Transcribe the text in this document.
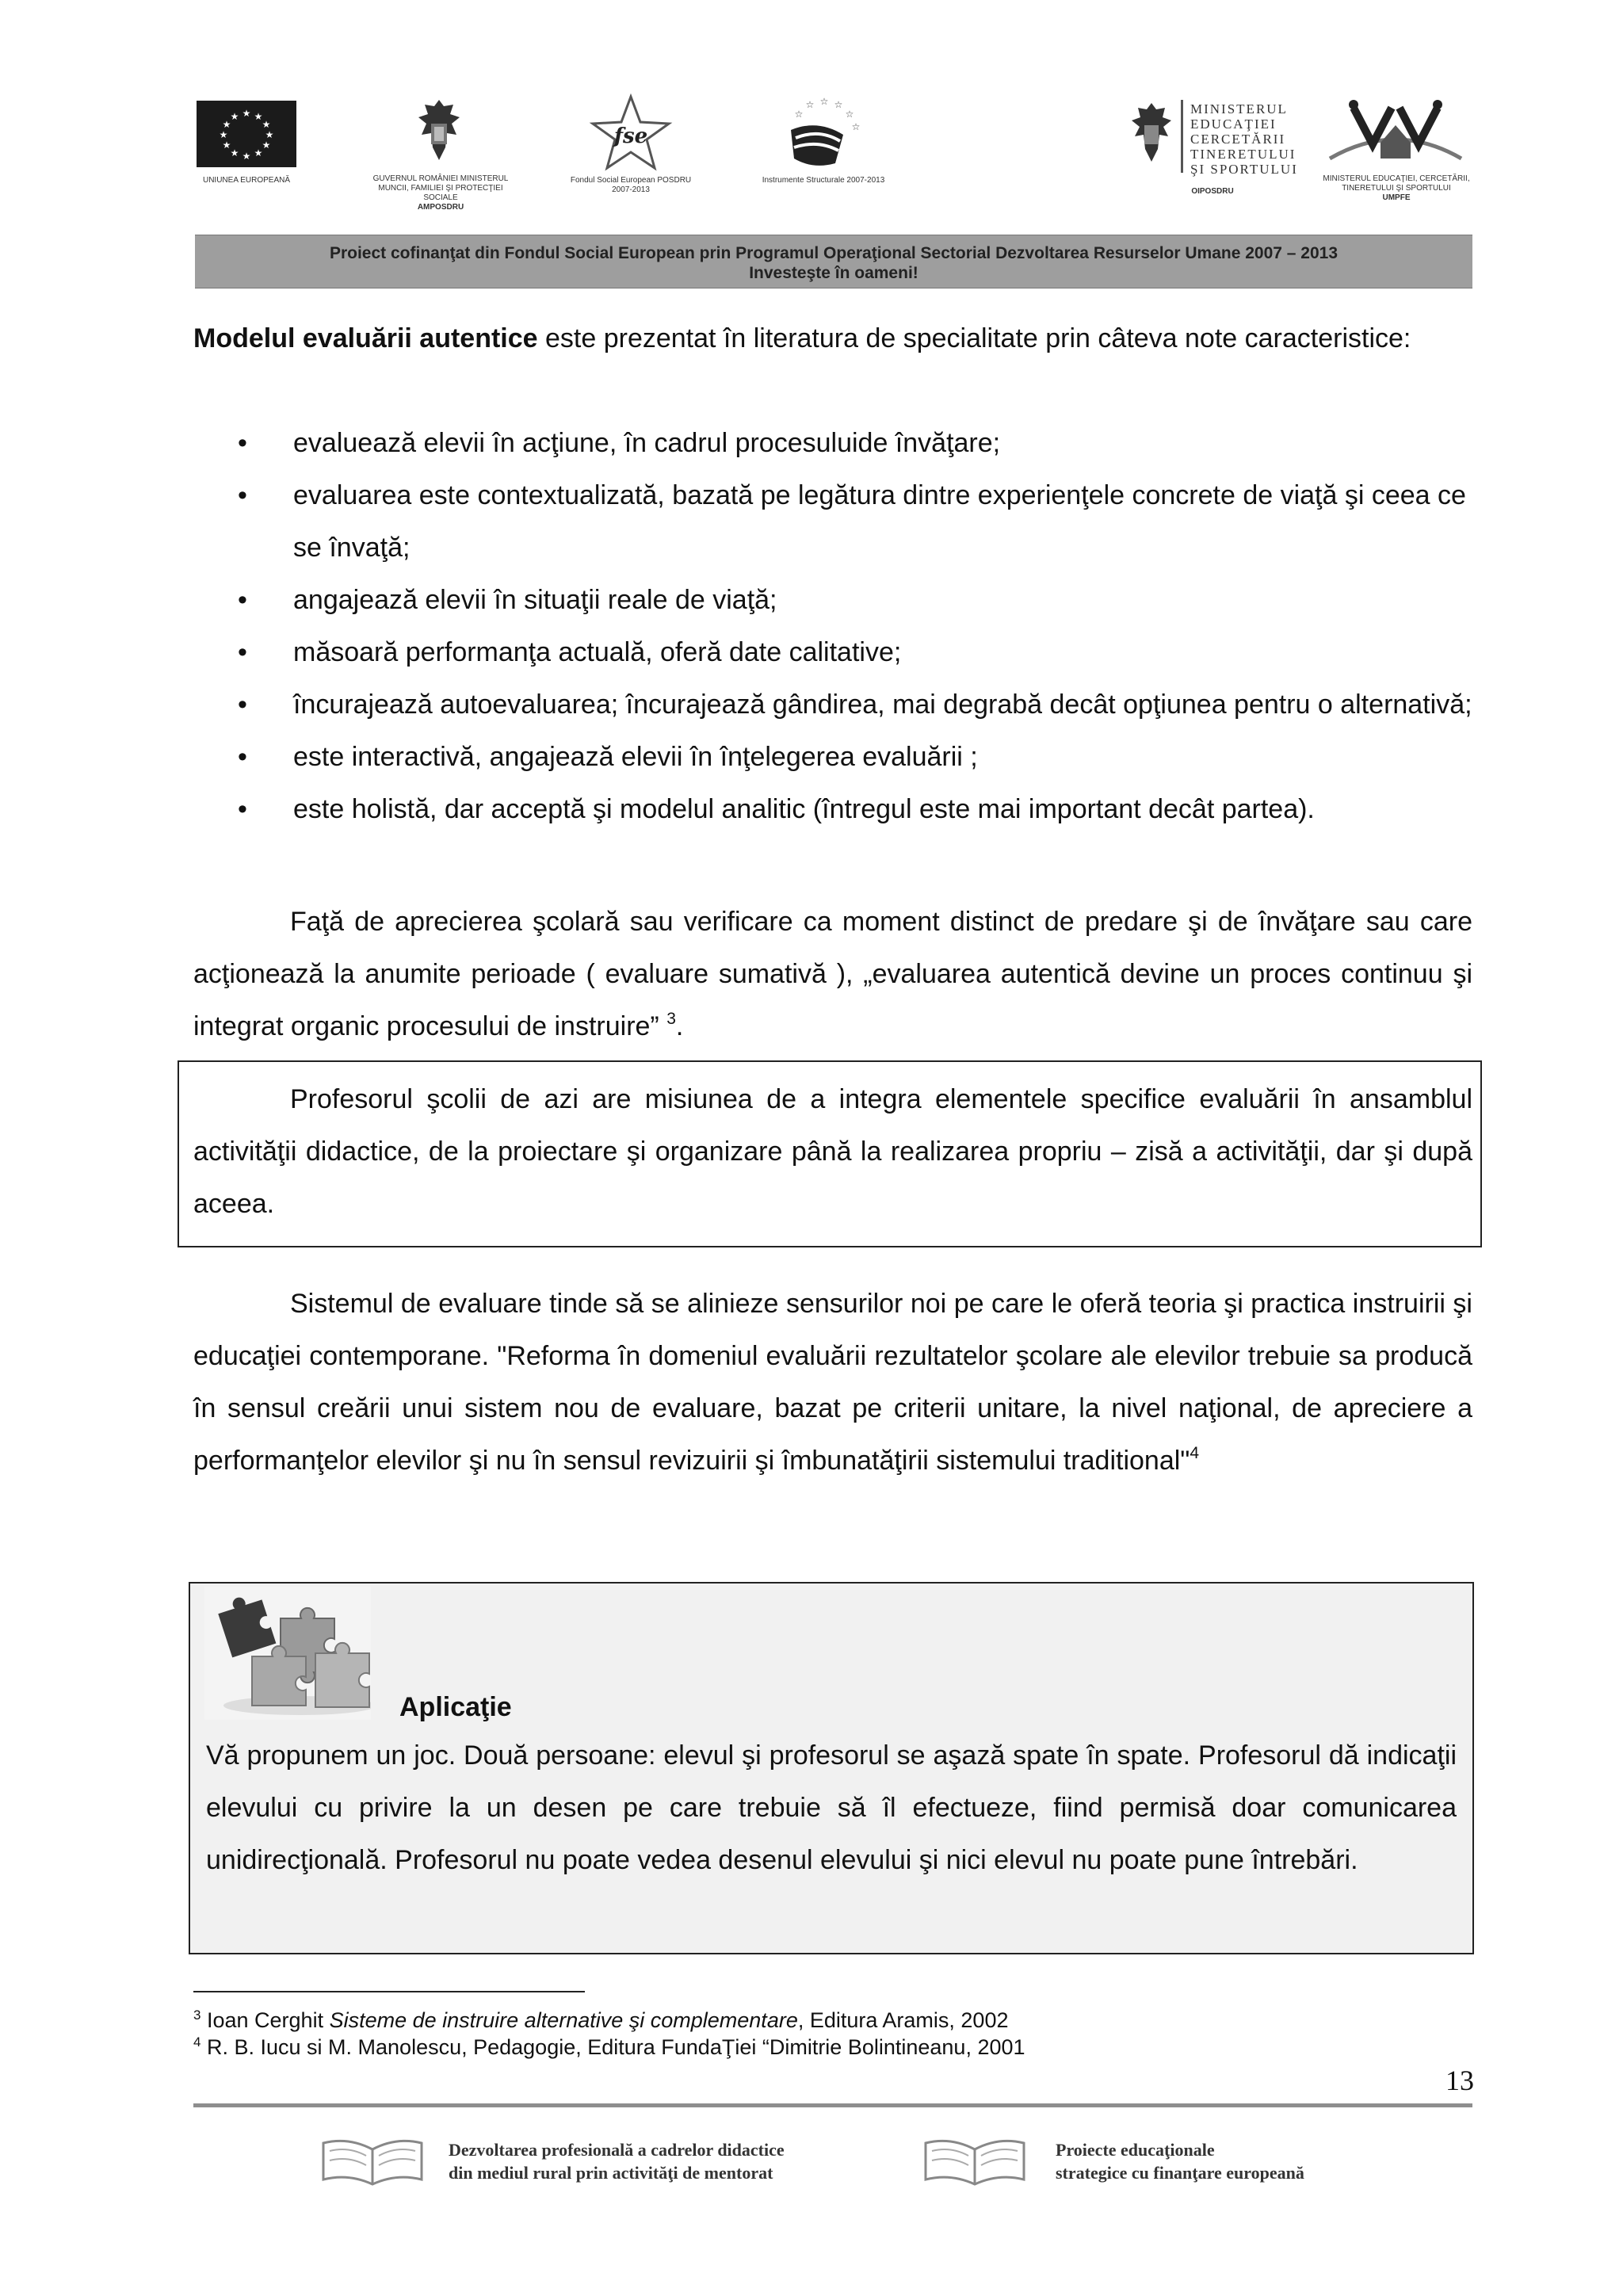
★ ★
★
★
★
★
★
★
★
★
★
★
UNIUNEA EUROPEANĂ	GUVERNUL ROMÂNIEI MINISTERUL MUNCII, FAMILIEI ŞI PROTECŢIEI SOCIALE
AMPOSDRU
fse
Fondul Social European POSDRU 2007-2013
☆ ☆ ☆
☆
☆
☆
Instrumente Structurale 2007-2013
MINISTERUL
EDUCAŢIEI
CERCETĂRII
TINERETULUI
ŞI SPORTULUI
OIPOSDRU
MINISTERUL EDUCAŢIEI, CERCETĂRII, TINERETULUI ŞI SPORTULUI
UMPFE
Proiect cofinanţat din Fondul Social European prin Programul Operaţional Sectorial Dezvoltarea Resurselor Umane 2007 – 2013
Investeşte în oameni!
Modelul evaluării autentice este prezentat în literatura de specialitate prin câteva note caracteristice:
• evaluează elevii în acţiune, în cadrul procesuluide învăţare;
• evaluarea este contextualizată, bazată pe legătura dintre experienţele concrete de viaţă şi ceea ce se învaţă;
• angajează elevii în situaţii reale de viaţă;
• măsoară performanţa actuală, oferă date calitative;
• încurajează autoevaluarea; încurajează gândirea, mai degrabă decât opţiunea pentru o alternativă;
• este interactivă, angajează elevii în înţelegerea evaluării ;
• este holistă, dar acceptă şi modelul analitic (întregul este mai important decât partea).
Faţă de aprecierea şcolară sau verificare ca moment distinct de predare şi de învăţare sau care acţionează la anumite perioade ( evaluare sumativă ), „evaluarea autentică devine un proces continuu şi integrat organic procesului de instruire” $^3$.
Profesorul şcolii de azi are misiunea de a integra elementele specifice evaluării în ansamblul activităţii didactice, de la proiectare şi organizare până la realizarea propriu – zisă a activităţii, dar şi după aceea.
Sistemul de evaluare tinde să se alinieze sensurilor noi pe care le oferă teoria şi practica instruirii şi educaţiei contemporane. "Reforma în domeniul evaluării rezultatelor şcolare ale elevilor trebuie sa producă în sensul creării unui sistem nou de evaluare, bazat pe criterii unitare, la nivel naţional, de apreciere a performanţelor elevilor şi nu în sensul revizuirii şi îmbunatăţirii sistemului traditional"$^4$
Aplicaţie
Vă propunem un joc. Două persoane: elevul şi profesorul se aşază spate în spate. Profesorul dă indicaţii elevului cu privire la un desen pe care trebuie să îl efectueze, fiind permisă doar comunicarea unidirecţională. Profesorul nu poate vedea desenul elevului şi nici elevul nu poate pune întrebări.
$^3$ Ioan Cerghit Sisteme de instruire alternative şi complementare, Editura Aramis, 2002
$^4$ R. B. Iucu si M. Manolescu, Pedagogie, Editura FundaŢiei “Dimitrie Bolintineanu, 2001
13
Dezvoltarea profesională a cadrelor didactice
din mediul rural prin activităţi de mentorat
Proiecte educaţionale
strategice cu finanţare europeană
